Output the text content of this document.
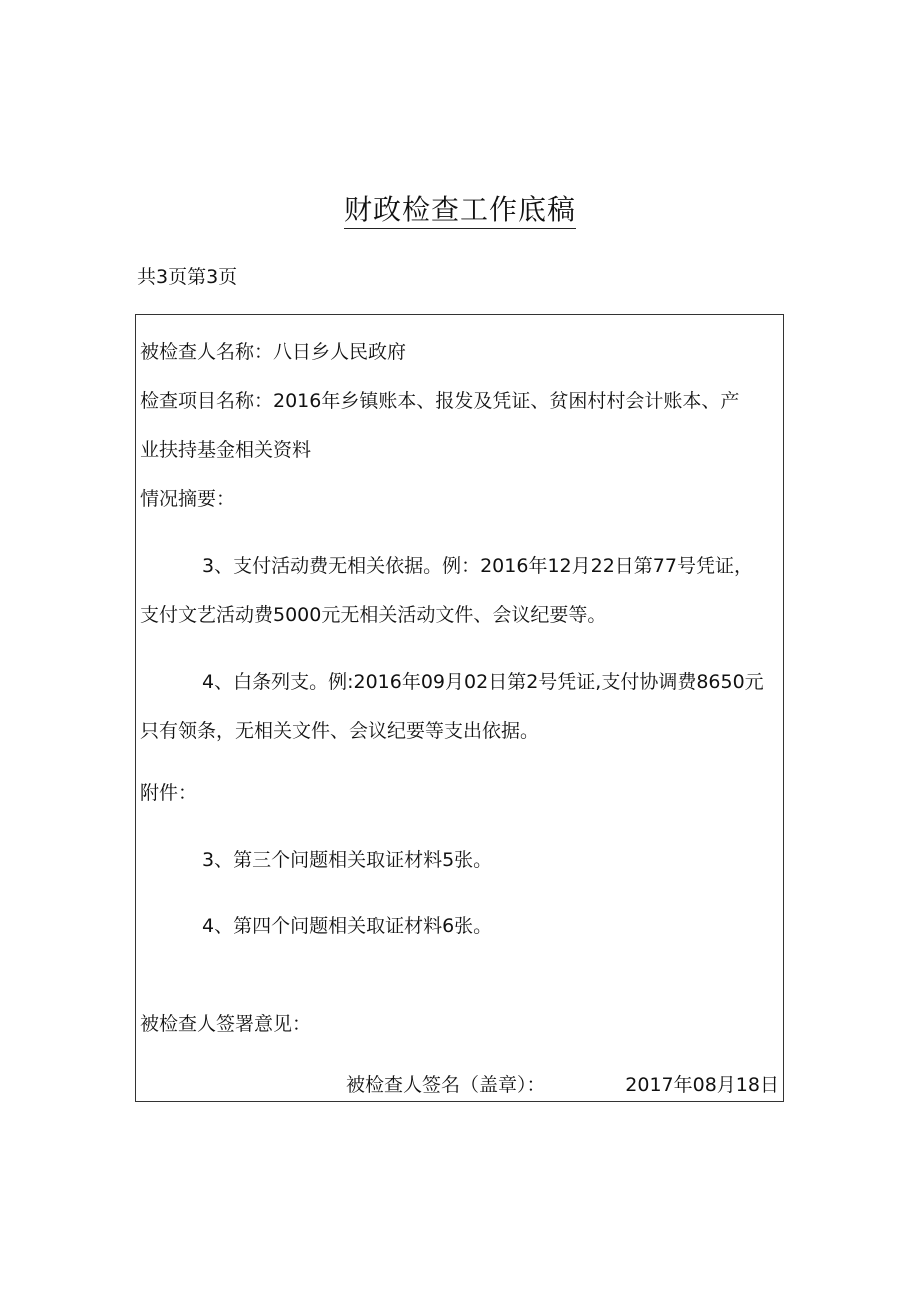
财政检查工作底稿
共3页第3页
被检查人名称：八日乡人民政府
检查项目名称：2016年乡镇账本、报发及凭证、贫困村村会计账本、产
业扶持基金相关资料
情况摘要：
3、支付活动费无相关依据。例：2016年12月22日第77号凭证，
支付文艺活动费5000元无相关活动文件、会议纪要等。
4、白条列支。例:2016年09月02日第2号凭证,支付协调费8650元
只有领条，无相关文件、会议纪要等支出依据。
附件：
3、第三个问题相关取证材料5张。
4、第四个问题相关取证材料6张。
被检查人签署意见：
被检查人签名（盖章）：	2017年08月18日
